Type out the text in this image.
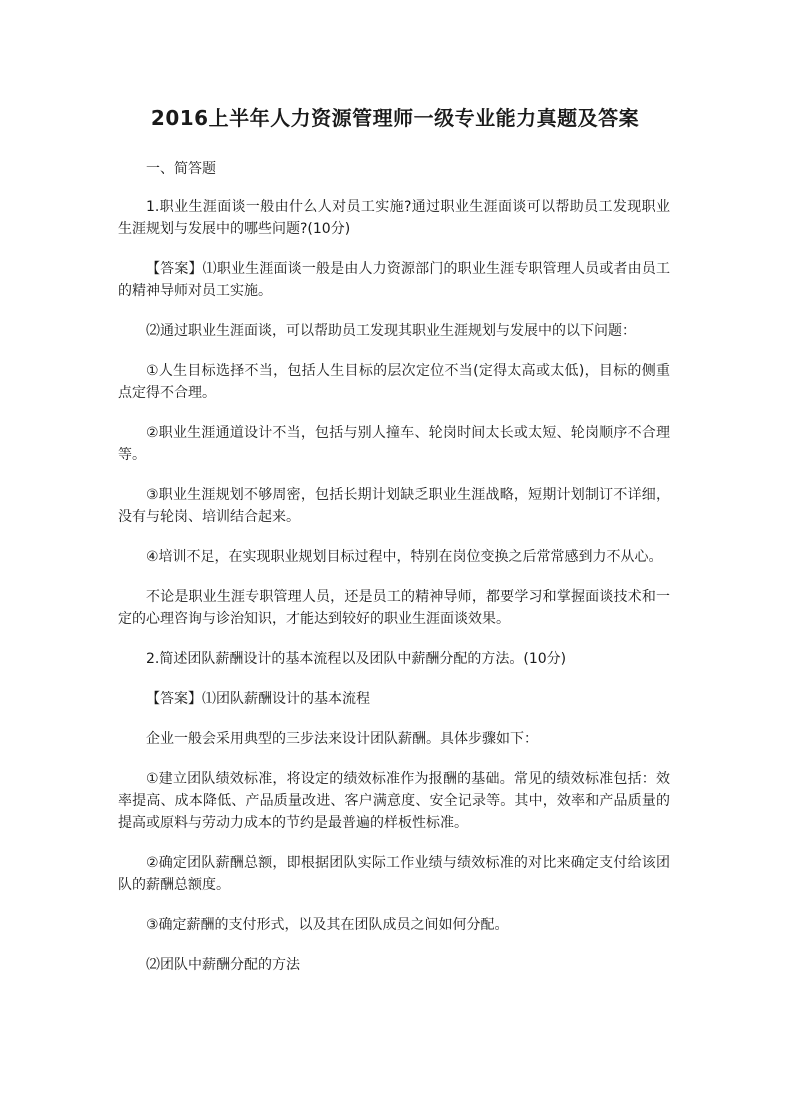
2016上半年人力资源管理师一级专业能力真题及答案

一、简答题

1.职业生涯面谈一般由什么人对员工实施?通过职业生涯面谈可以帮助员工发现职业生涯规划与发展中的哪些问题?(10分)

【答案】⑴职业生涯面谈一般是由人力资源部门的职业生涯专职管理人员或者由员工的精神导师对员工实施。

⑵通过职业生涯面谈，可以帮助员工发现其职业生涯规划与发展中的以下问题：

①人生目标选择不当，包括人生目标的层次定位不当(定得太高或太低)，目标的侧重点定得不合理。

②职业生涯通道设计不当，包括与别人撞车、轮岗时间太长或太短、轮岗顺序不合理等。

③职业生涯规划不够周密，包括长期计划缺乏职业生涯战略，短期计划制订不详细，没有与轮岗、培训结合起来。

④培训不足，在实现职业规划目标过程中，特别在岗位变换之后常常感到力不从心。

不论是职业生涯专职管理人员，还是员工的精神导师，都要学习和掌握面谈技术和一定的心理咨询与诊治知识，才能达到较好的职业生涯面谈效果。

2.简述团队薪酬设计的基本流程以及团队中薪酬分配的方法。(10分)

【答案】⑴团队薪酬设计的基本流程

企业一般会采用典型的三步法来设计团队薪酬。具体步骤如下：

①建立团队绩效标准，将设定的绩效标准作为报酬的基础。常见的绩效标准包括：效率提高、成本降低、产品质量改进、客户满意度、安全记录等。其中，效率和产品质量的提高或原料与劳动力成本的节约是最普遍的样板性标准。

②确定团队薪酬总额，即根据团队实际工作业绩与绩效标准的对比来确定支付给该团队的薪酬总额度。

③确定薪酬的支付形式，以及其在团队成员之间如何分配。

⑵团队中薪酬分配的方法
